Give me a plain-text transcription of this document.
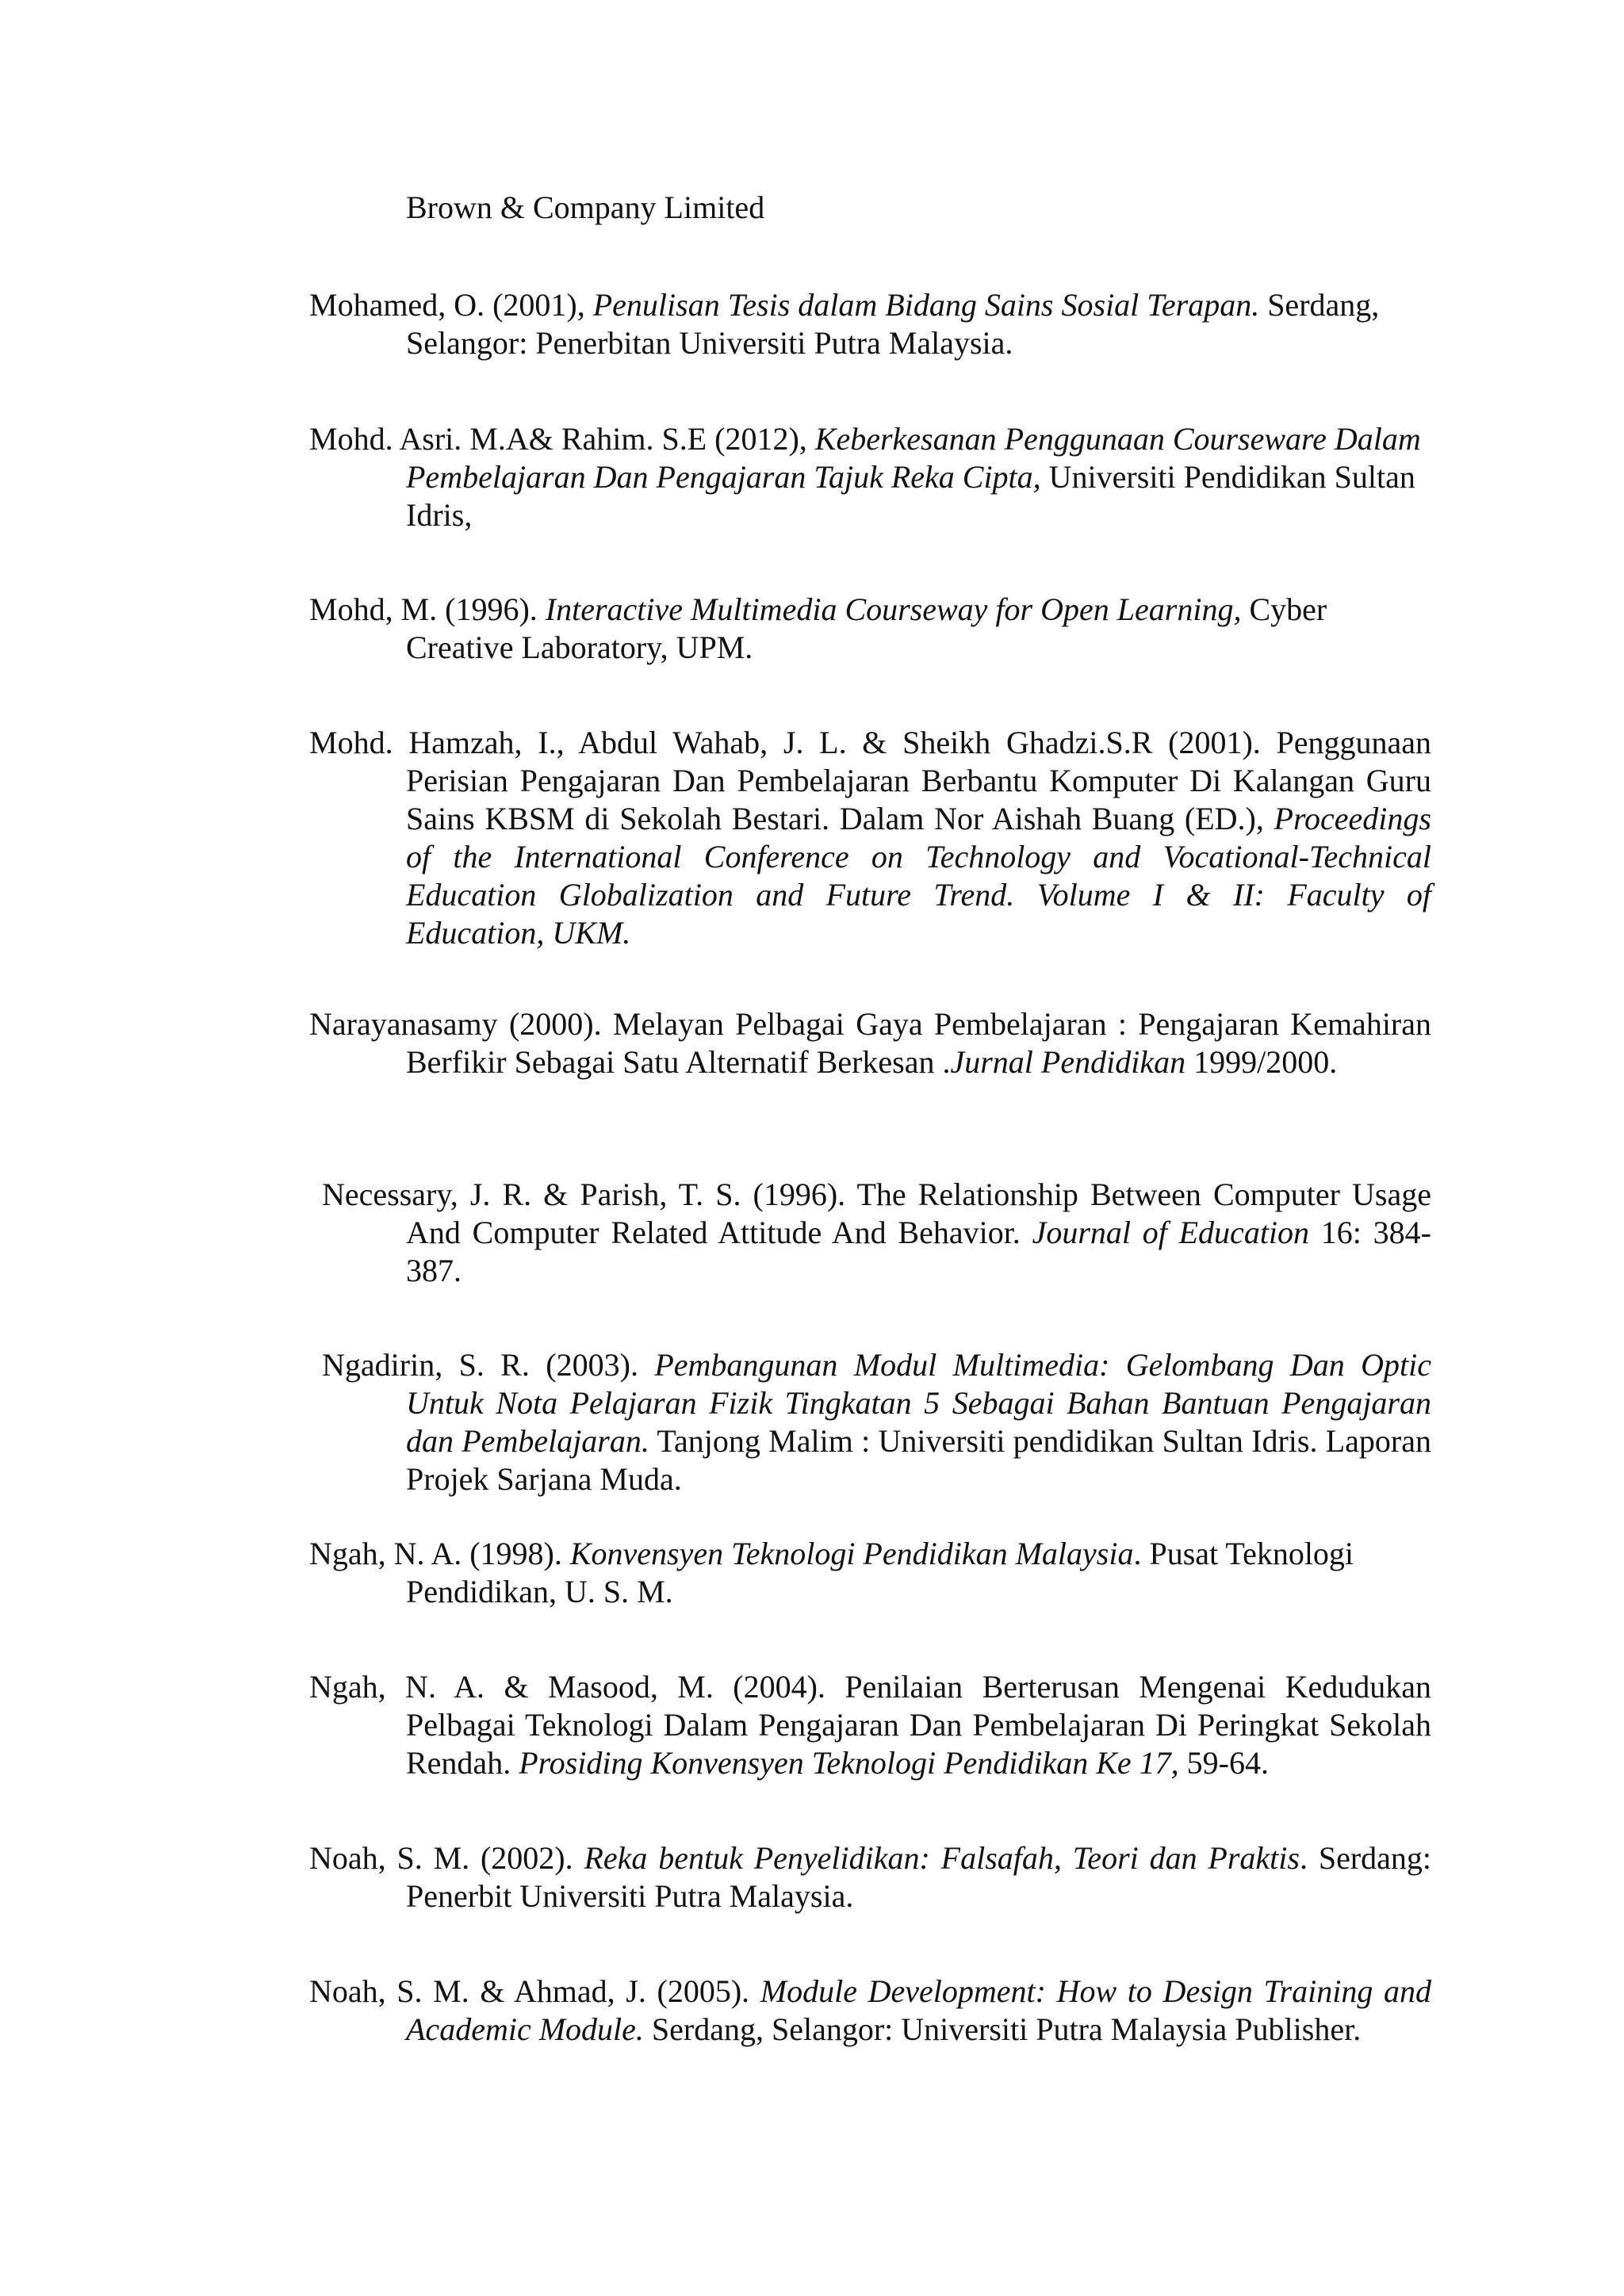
Brown & Company Limited

Mohamed, O. (2001), Penulisan Tesis dalam Bidang Sains Sosial Terapan. Serdang, Selangor: Penerbitan Universiti Putra Malaysia.

Mohd. Asri. M.A& Rahim. S.E (2012), Keberkesanan Penggunaan Courseware Dalam Pembelajaran Dan Pengajaran Tajuk Reka Cipta, Universiti Pendidikan Sultan Idris,

Mohd, M. (1996). Interactive Multimedia Courseway for Open Learning, Cyber Creative Laboratory, UPM.

Mohd. Hamzah, I., Abdul Wahab, J. L. & Sheikh Ghadzi.S.R (2001). Penggunaan Perisian Pengajaran Dan Pembelajaran Berbantu Komputer Di Kalangan Guru Sains KBSM di Sekolah Bestari. Dalam Nor Aishah Buang (ED.), Proceedings of the International Conference on Technology and Vocational-Technical Education Globalization and Future Trend. Volume I & II: Faculty of Education, UKM.

Narayanasamy (2000). Melayan Pelbagai Gaya Pembelajaran : Pengajaran Kemahiran Berfikir Sebagai Satu Alternatif Berkesan .Jurnal Pendidikan 1999/2000.

Necessary, J. R. & Parish, T. S. (1996). The Relationship Between Computer Usage And Computer Related Attitude And Behavior. Journal of Education 16: 384-387.

Ngadirin, S. R. (2003). Pembangunan Modul Multimedia: Gelombang Dan Optic Untuk Nota Pelajaran Fizik Tingkatan 5 Sebagai Bahan Bantuan Pengajaran dan Pembelajaran. Tanjong Malim : Universiti pendidikan Sultan Idris. Laporan Projek Sarjana Muda.

Ngah, N. A. (1998). Konvensyen Teknologi Pendidikan Malaysia. Pusat Teknologi Pendidikan, U. S. M.

Ngah, N. A. & Masood, M. (2004). Penilaian Berterusan Mengenai Kedudukan Pelbagai Teknologi Dalam Pengajaran Dan Pembelajaran Di Peringkat Sekolah Rendah. Prosiding Konvensyen Teknologi Pendidikan Ke 17, 59-64.

Noah, S. M. (2002). Reka bentuk Penyelidikan: Falsafah, Teori dan Praktis. Serdang: Penerbit Universiti Putra Malaysia.

Noah, S. M. & Ahmad, J. (2005). Module Development: How to Design Training and Academic Module. Serdang, Selangor: Universiti Putra Malaysia Publisher.
